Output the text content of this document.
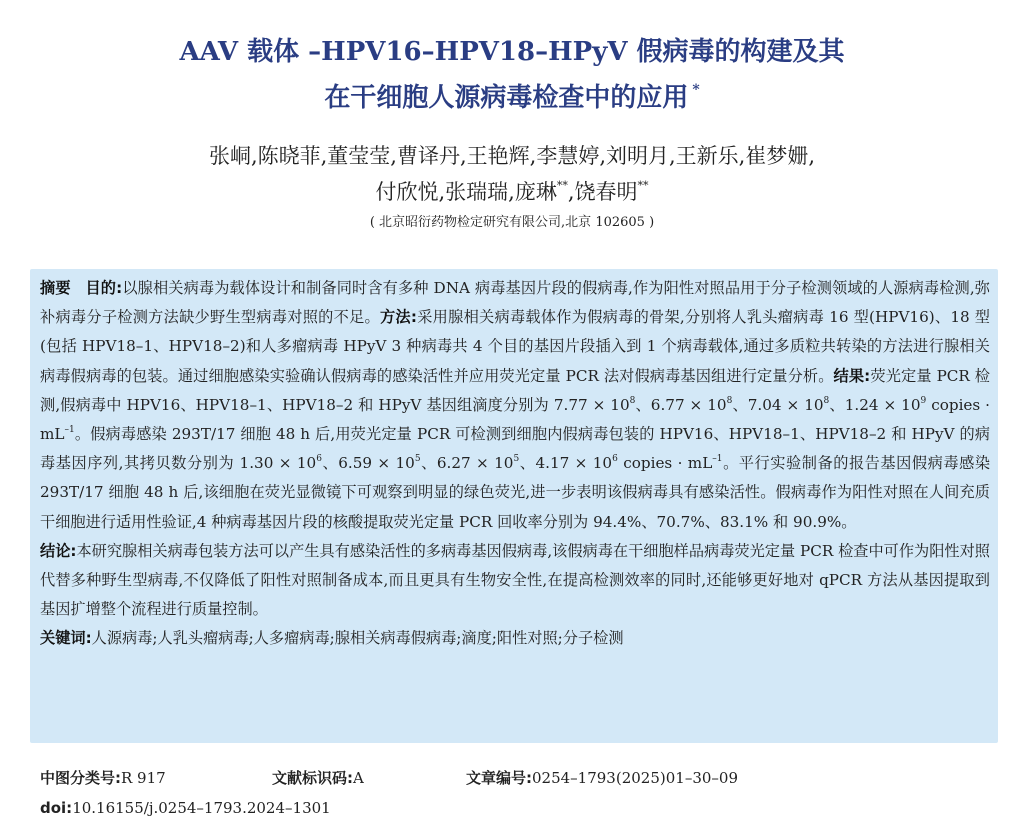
AAV 载体 –HPV16–HPV18–HPyV 假病毒的构建及其
在干细胞人源病毒检查中的应用 *
张峒,陈晓菲,董莹莹,曹译丹,王艳辉,李慧婷,刘明月,王新乐,崔梦姗,
付欣悦,张瑞瑞,庞琳**,饶春明**
( 北京昭衍药物检定研究有限公司,北京 102605 )
摘要 目的:以腺相关病毒为载体设计和制备同时含有多种 DNA 病毒基因片段的假病毒,作为阳性对照品用于分子检测领域的人源病毒检测,弥补病毒分子检测方法缺少野生型病毒对照的不足。方法:采用腺相关病毒载体作为假病毒的骨架,分别将人乳头瘤病毒 16 型(HPV16)、18 型(包括 HPV18–1、HPV18–2)和人多瘤病毒 HPyV 3 种病毒共 4 个目的基因片段插入到 1 个病毒载体,通过多质粒共转染的方法进行腺相关病毒假病毒的包装。通过细胞感染实验确认假病毒的感染活性并应用荧光定量 PCR 法对假病毒基因组进行定量分析。结果:荧光定量 PCR 检测,假病毒中 HPV16、HPV18–1、HPV18–2 和 HPyV 基因组滴度分别为 $7.77 \times 10^8$、$6.77 \times 10^8$、$7.04 \times 10^8$、$1.24 \times 10^9$ copies · $mL^{-1}$。假病毒感染 293T/17 细胞 48 h 后,用荧光定量 PCR 可检测到细胞内假病毒包装的 HPV16、HPV18–1、HPV18–2 和 HPyV 的病毒基因序列,其拷贝数分别为 $1.30 \times 10^6$、$6.59 \times 10^5$、$6.27 \times 10^5$、$4.17 \times 10^6$ copies · $mL^{-1}$。平行实验制备的报告基因假病毒感染 293T/17 细胞 48 h 后,该细胞在荧光显微镜下可观察到明显的绿色荧光,进一步表明该假病毒具有感染活性。假病毒作为阳性对照在人间充质干细胞进行适用性验证,4 种病毒基因片段的核酸提取荧光定量 PCR 回收率分别为 94.4%、70.7%、83.1% 和 90.9%。
结论:本研究腺相关病毒包装方法可以产生具有感染活性的多病毒基因假病毒,该假病毒在干细胞样品病毒荧光定量 PCR 检查中可作为阳性对照代替多种野生型病毒,不仅降低了阳性对照制备成本,而且更具有生物安全性,在提高检测效率的同时,还能够更好地对 qPCR 方法从基因提取到基因扩增整个流程进行质量控制。
关键词:人源病毒;人乳头瘤病毒;人多瘤病毒;腺相关病毒假病毒;滴度;阳性对照;分子检测
中图分类号:R 917	文献标识码:A	文章编号:0254–1793(2025)01–30–09
doi:10.16155/j.0254–1793.2024–1301
